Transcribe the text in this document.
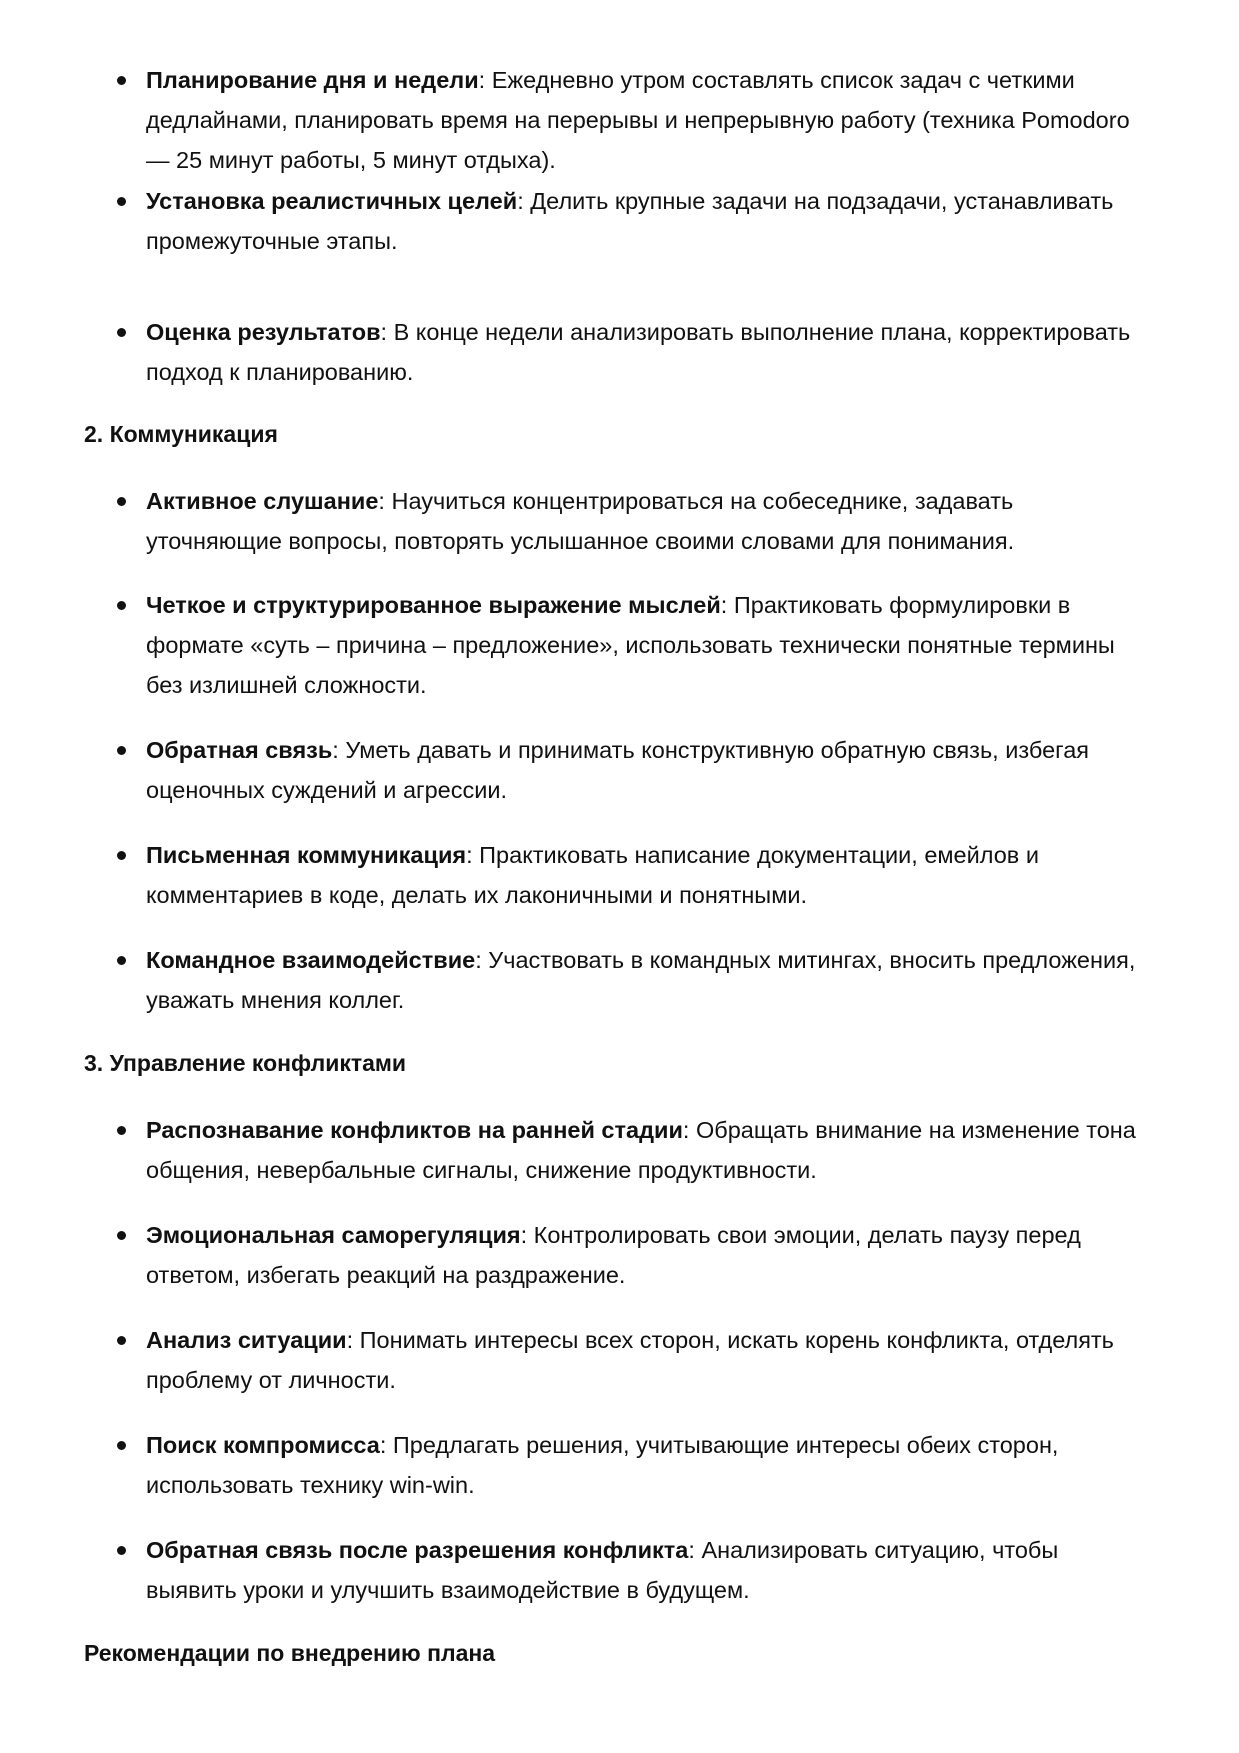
Планирование дня и недели: Ежедневно утром составлять список задач с четкими дедлайнами, планировать время на перерывы и непрерывную работу (техника Pomodoro — 25 минут работы, 5 минут отдыха).
Установка реалистичных целей: Делить крупные задачи на подзадачи, устанавливать промежуточные этапы.
Оценка результатов: В конце недели анализировать выполнение плана, корректировать подход к планированию.
2. Коммуникация
Активное слушание: Научиться концентрироваться на собеседнике, задавать уточняющие вопросы, повторять услышанное своими словами для понимания.
Четкое и структурированное выражение мыслей: Практиковать формулировки в формате «суть – причина – предложение», использовать технически понятные термины без излишней сложности.
Обратная связь: Уметь давать и принимать конструктивную обратную связь, избегая оценочных суждений и агрессии.
Письменная коммуникация: Практиковать написание документации, емейлов и комментариев в коде, делать их лаконичными и понятными.
Командное взаимодействие: Участвовать в командных митингах, вносить предложения, уважать мнения коллег.
3. Управление конфликтами
Распознавание конфликтов на ранней стадии: Обращать внимание на изменение тона общения, невербальные сигналы, снижение продуктивности.
Эмоциональная саморегуляция: Контролировать свои эмоции, делать паузу перед ответом, избегать реакций на раздражение.
Анализ ситуации: Понимать интересы всех сторон, искать корень конфликта, отделять проблему от личности.
Поиск компромисса: Предлагать решения, учитывающие интересы обеих сторон, использовать технику win-win.
Обратная связь после разрешения конфликта: Анализировать ситуацию, чтобы выявить уроки и улучшить взаимодействие в будущем.
Рекомендации по внедрению плана
